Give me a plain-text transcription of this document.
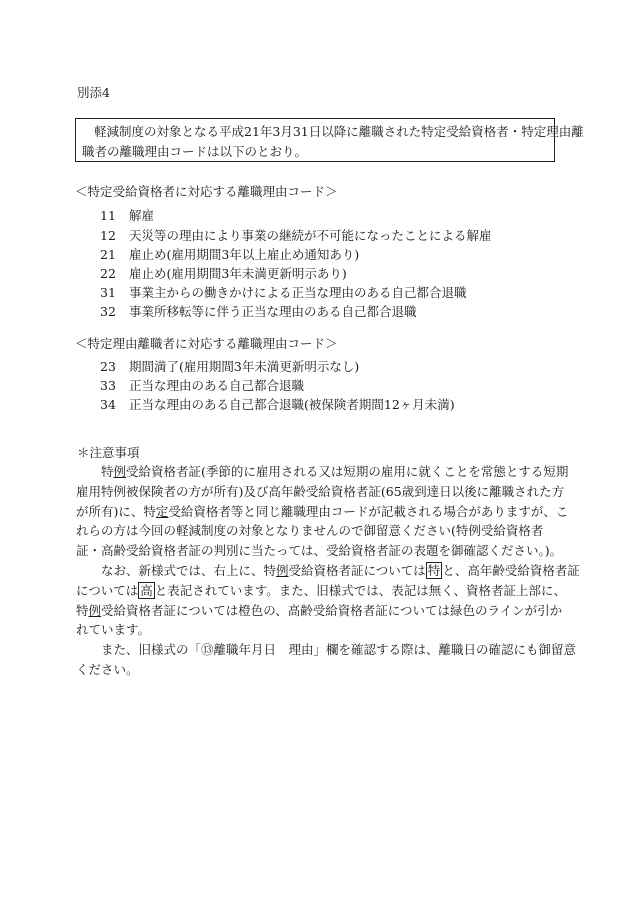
別添4
軽減制度の対象となる平成21年3月31日以降に離職された特定受給資格者・特定理由離
職者の離職理由コードは以下のとおり。
＜特定受給資格者に対応する離職理由コード＞
11 解雇
12 天災等の理由により事業の継続が不可能になったことによる解雇
21 雇止め(雇用期間3年以上雇止め通知あり)
22 雇止め(雇用期間3年未満更新明示あり)
31 事業主からの働きかけによる正当な理由のある自己都合退職
32 事業所移転等に伴う正当な理由のある自己都合退職
＜特定理由離職者に対応する離職理由コード＞
23 期間満了(雇用期間3年未満更新明示なし)
33 正当な理由のある自己都合退職
34 正当な理由のある自己都合退職(被保険者期間12ヶ月未満)
＊注意事項
特例受給資格者証(季節的に雇用される又は短期の雇用に就くことを常態とする短期
雇用特例被保険者の方が所有)及び高年齢受給資格者証(65歳到達日以後に離職された方
が所有)に、特定受給資格者等と同じ離職理由コードが記載される場合がありますが、こ
れらの方は今回の軽減制度の対象となりませんので御留意ください(特例受給資格者
証・高齢受給資格者証の判別に当たっては、受給資格者証の表題を御確認ください。)。
なお、新様式では、右上に、特例受給資格者証については 特 と、高年齢受給資格者証
については 高 と表記されています。また、旧様式では、表記は無く、資格者証上部に、
特例受給資格者証については橙色の、高齢受給資格者証については緑色のラインが引か
れています。
また、旧様式の「⑬離職年月日　理由」欄を確認する際は、離職日の確認にも御留意
ください。
